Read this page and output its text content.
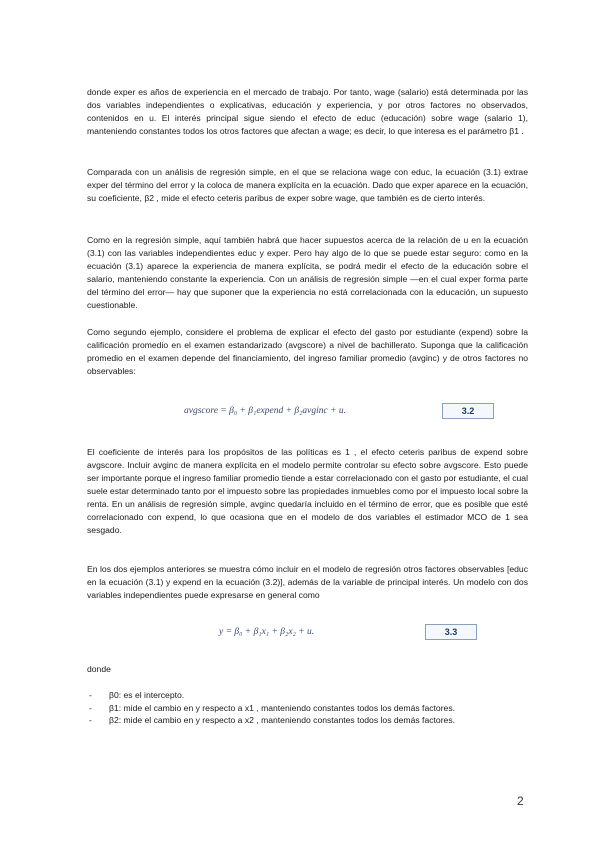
donde exper es años de experiencia en el mercado de trabajo. Por tanto, wage (salario) está determinada por las dos variables independientes o explicativas, educación y experiencia, y por otros factores no observados, contenidos en u. El interés principal sigue siendo el efecto de educ (educación) sobre wage (salario 1), manteniendo constantes todos los otros factores que afectan a wage; es decir, lo que interesa es el parámetro β1 .

Comparada con un análisis de regresión simple, en el que se relaciona wage con educ, la ecuación (3.1) extrae exper del término del error y la coloca de manera explícita en la ecuación. Dado que exper aparece en la ecuación, su coeficiente, β2 , mide el efecto ceteris paribus de exper sobre wage, que también es de cierto interés.

Como en la regresión simple, aquí también habrá que hacer supuestos acerca de la relación de u en la ecuación (3.1) con las variables independientes educ y exper. Pero hay algo de lo que se puede estar seguro: como en la ecuación (3.1) aparece la experiencia de manera explícita, se podrá medir el efecto de la educación sobre el salario, manteniendo constante la experiencia. Con un análisis de regresión simple —en el cual exper forma parte del término del error— hay que suponer que la experiencia no está correlacionada con la educación, un supuesto cuestionable.

Como segundo ejemplo, considere el problema de explicar el efecto del gasto por estudiante (expend) sobre la calificación promedio en el examen estandarizado (avgscore) a nivel de bachillerato. Suponga que la calificación promedio en el examen depende del financiamiento, del ingreso familiar promedio (avginc) y de otros factores no observables:

avgscore = β₀ + β₁expend + β₂avginc + u.	3.2

El coeficiente de interés para los propósitos de las políticas es 1 , el efecto ceteris paribus de expend sobre avgscore. Incluir avginc de manera explícita en el modelo permite controlar su efecto sobre avgscore. Esto puede ser importante porque el ingreso familiar promedio tiende a estar correlacionado con el gasto por estudiante, el cual suele estar determinado tanto por el impuesto sobre las propiedades inmuebles como por el impuesto local sobre la renta. En un análisis de regresión simple, avginc quedaría incluido en el término de error, que es posible que esté correlacionado con expend, lo que ocasiona que en el modelo de dos variables el estimador MCO de 1 sea sesgado.

En los dos ejemplos anteriores se muestra cómo incluir en el modelo de regresión otros factores observables [educ en la ecuación (3.1) y expend en la ecuación (3.2)], además de la variable de principal interés. Un modelo con dos variables independientes puede expresarse en general como

y = β₀ + β₁x₁ + β₂x₂ + u.	3.3
donde
- β0: es el intercepto.
- β1: mide el cambio en y respecto a x1 , manteniendo constantes todos los demás factores.
- β2: mide el cambio en y respecto a x2 , manteniendo constantes todos los demás factores.
2
